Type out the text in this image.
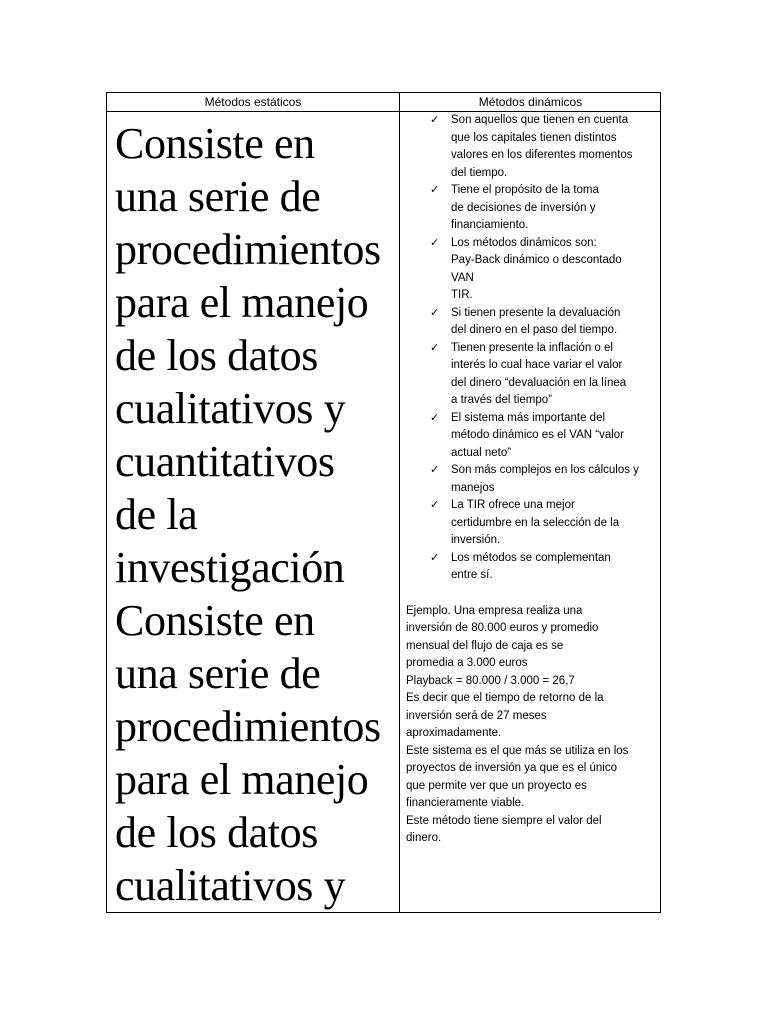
Métodos estáticos	Métodos dinámicos
Consiste en
una serie de
procedimientos
para el manejo
de los datos
cualitativos y
cuantitativos
de la
investigación
Consiste en
una serie de
procedimientos
para el manejo
de los datos
cualitativos y
✓ Son aquellos que tienen en cuenta
que los capitales tienen distintos
valores en los diferentes momentos
del tiempo.
✓ Tiene el propósito de la toma
de decisiones de inversión y
financiamiento.
✓ Los métodos dinámicos son:
Pay-Back dinámico o descontado
VAN
TIR.
✓ Si tienen presente la devaluación
del dinero en el paso del tiempo.
✓ Tienen presente la inflación o el
interés lo cual hace variar el valor
del dinero “devaluación en la línea
a través del tiempo”
✓ El sistema más importante del
método dinámico es el VAN “valor
actual neto”
✓ Son más complejos en los cálculos y
manejos
✓ La TIR ofrece una mejor
certidumbre en la selección de la
inversión.
✓ Los métodos se complementan
entre sí.
Ejemplo. Una empresa realiza una
inversión de 80.000 euros y promedio
mensual del flujo de caja es se
promedia a 3.000 euros
Playback = 80.000 / 3.000 = 26,7
Es decir que el tiempo de retorno de la
inversión será de 27 meses
aproximadamente.
Este sistema es el que más se utiliza en los
proyectos de inversión ya que es el único
que permite ver que un proyecto es
financieramente viable.
Este método tiene siempre el valor del
dinero.
